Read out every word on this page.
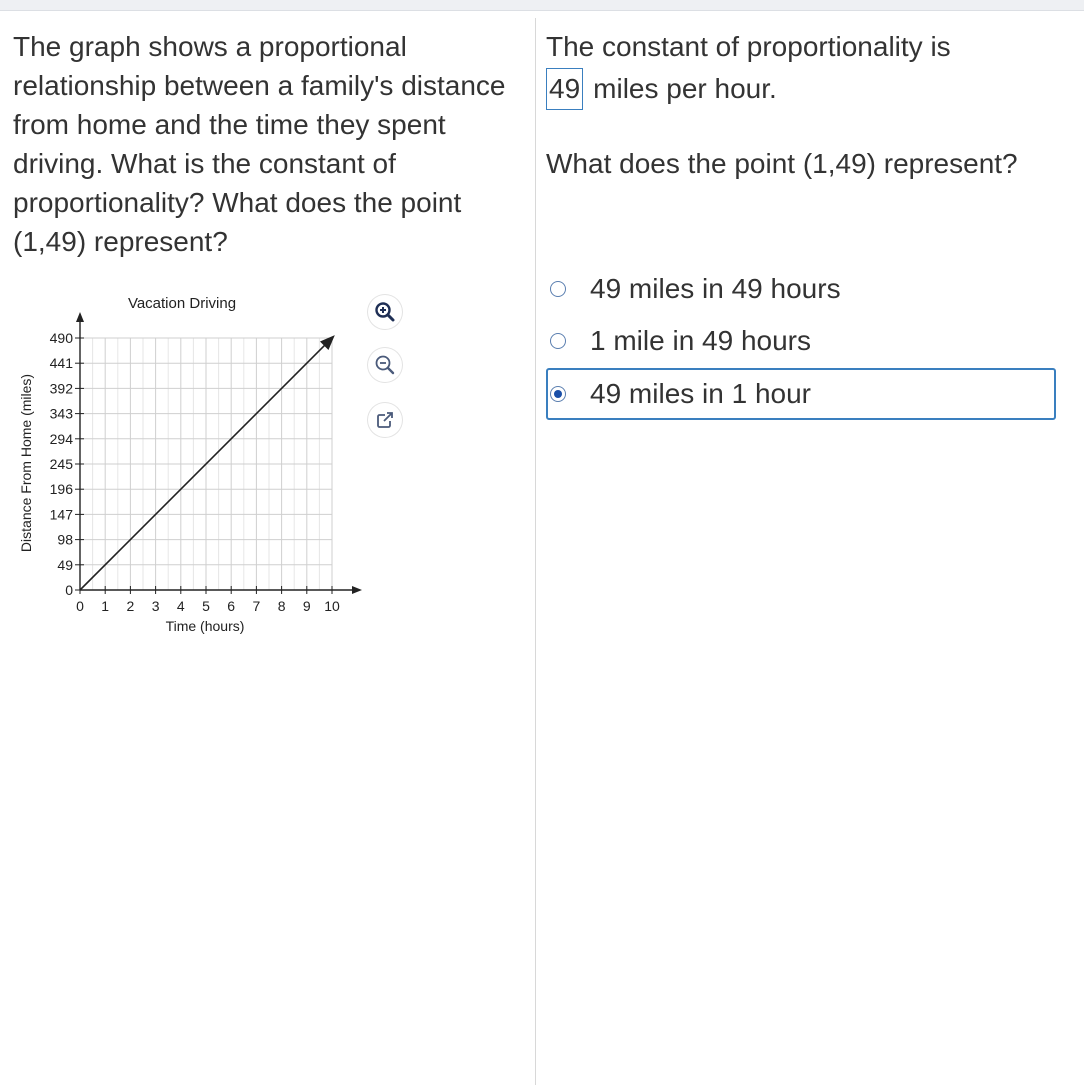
The graph shows a proportional relationship between a family's distance from home and the time they spent driving. What is the constant of proportionality? What does the point (1,49) represent?

0 1 2 3 4 5 6 7 8 9 10
0
49
98
147
196
245
294
343
392
441
490
Vacation Driving
Time (hours)
Distance From Home (miles)
The constant of proportionality is
49 miles per hour.
What does the point (1,49) represent?
49 miles in 49 hours
1 mile in 49 hours
49 miles in 1 hour
